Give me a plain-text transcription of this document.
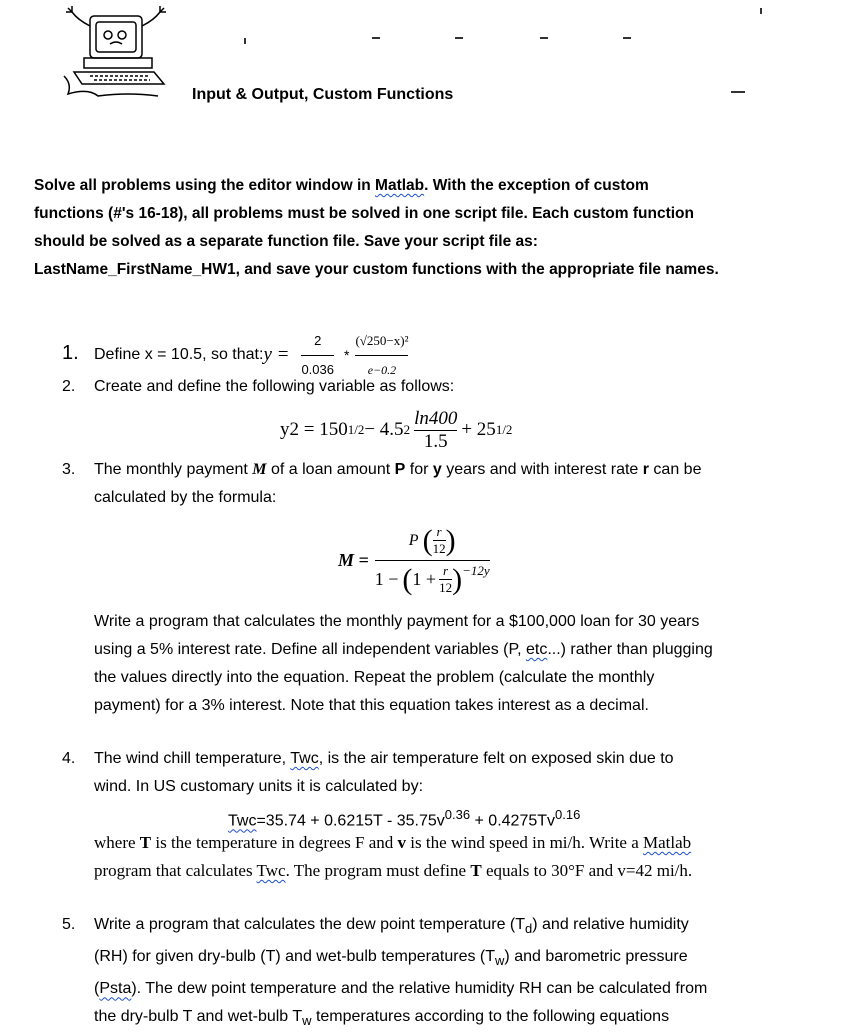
Input & Output, Custom Functions
Solve all problems using the editor window in Matlab. With the exception of custom
functions (#'s 16-18), all problems must be solved in one script file. Each custom function
should be solved as a separate function file. Save your script file as:
LastName_FirstName_HW1, and save your custom functions with the appropriate file names.
1. Define x = 10.5, so that: $y = \frac{2}{0.036} * \frac{\text{(√250−x)²}}{e-0.2}$
2. Create and define the following variable as follows:
y2 = 150 1/2 − 4.5 $2 \frac{\ln 400}{1.5} + 25$ 1/2
3. The monthly payment M of a loan amount P for y years and with interest rate r can be
calculated by the formula:
$M = \frac{P ( \frac{r}{12} )}{1 - ( 1 + \frac{r}{12} )^{-12y}}$
Write a program that calculates the monthly payment for a $100,000 loan for 30 years
using a 5% interest rate. Define all independent variables (P, etc...) rather than plugging
the values directly into the equation. Repeat the problem (calculate the monthly
payment) for a 3% interest. Note that this equation takes interest as a decimal.
4. The wind chill temperature, Twc, is the air temperature felt on exposed skin due to
wind. In US customary units it is calculated by:
$Twc=35.74 + 0.6215T - 35.75v^{0.36} + 0.4275Tv^{0.16}$
where T is the temperature in degrees F and v is the wind speed in mi/h. Write a Matlab
program that calculates Twc. The program must define T equals to 30°F and v=42 mi/h.
5. Write a program that calculates the dew point temperature $(T_d)$ and relative humidity
(RH) for given dry-bulb (T) and wet-bulb temperatures $(T_w)$ and barometric pressure
(Psta). The dew point temperature and the relative humidity RH can be calculated from
the dry-bulb T and wet-bulb $T_w$ temperatures according to the following equations
